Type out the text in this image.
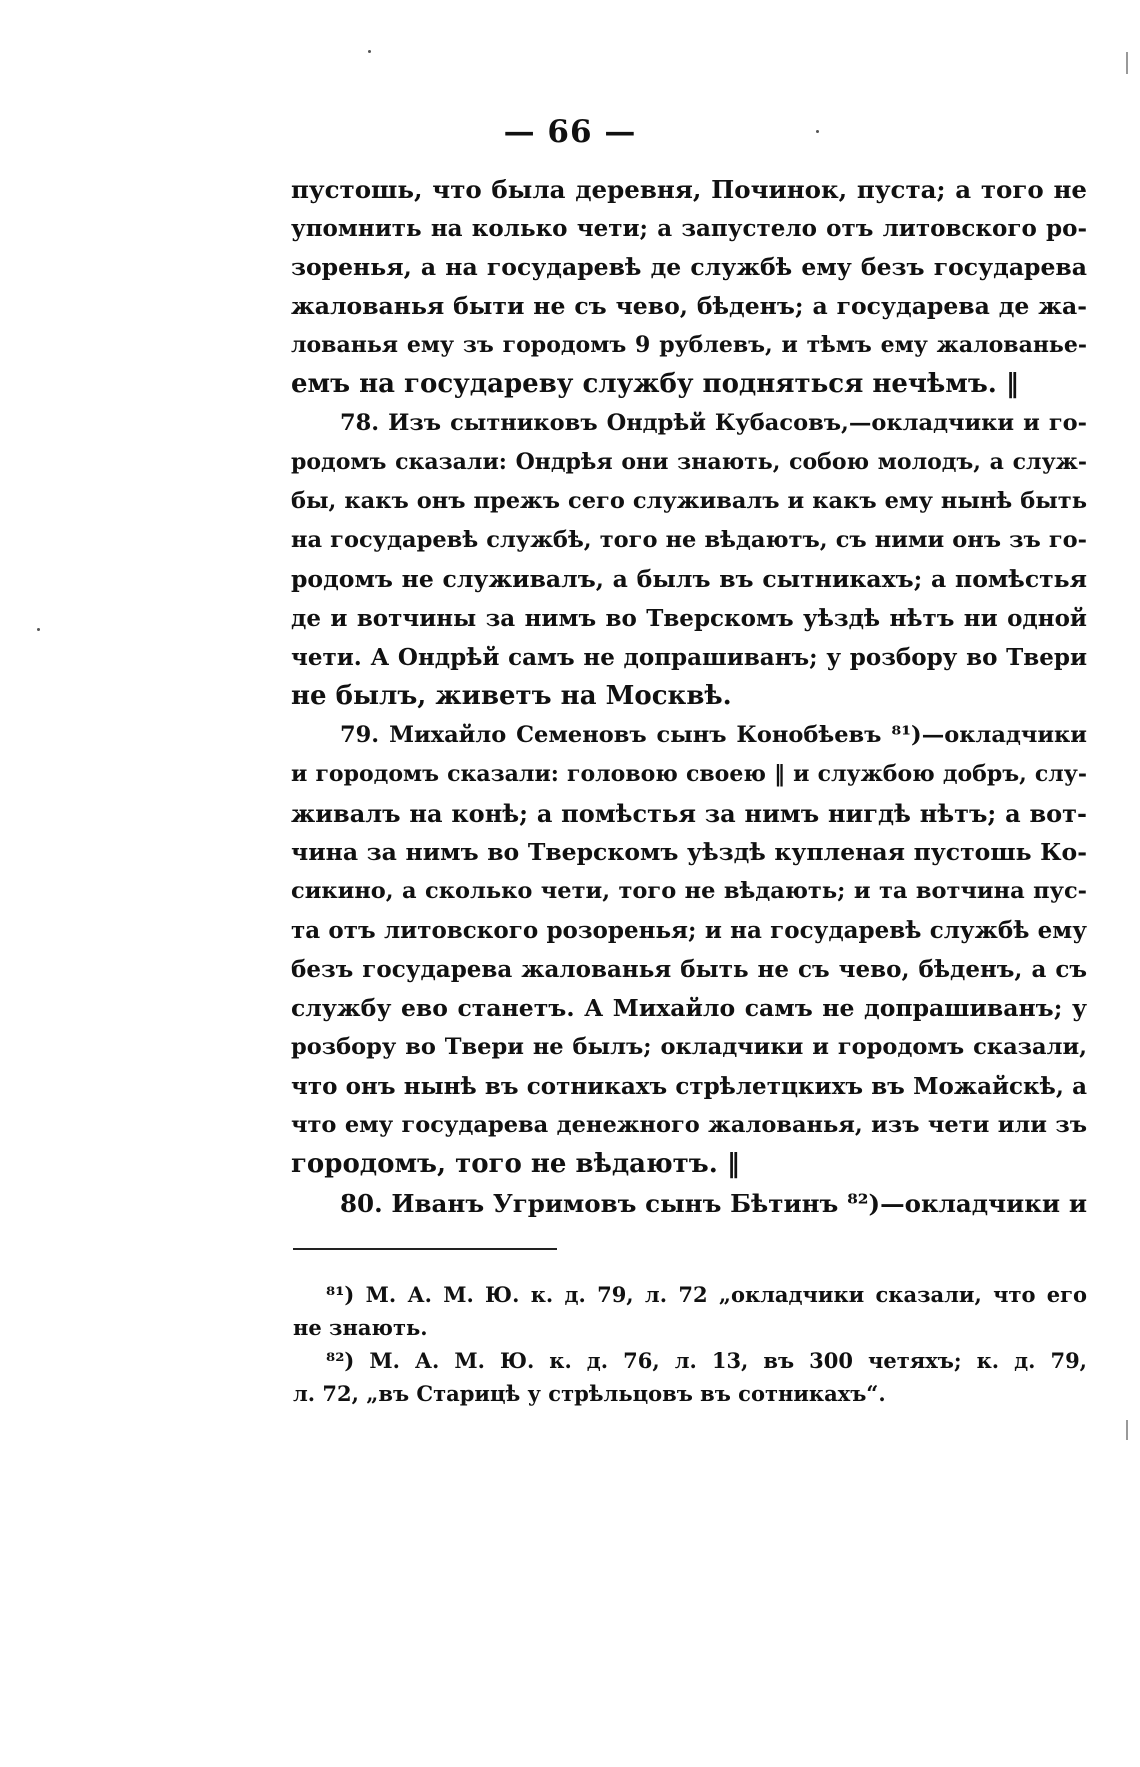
— 66 —
пустошь, что была деревня, Починок, пуста; а того не
упомнить на колько чети; а запустело отъ литовского ро-
зоренья, а на государевѣ де службѣ ему безъ государева
жалованья быти не съ чево, бѣденъ; а государева де жа-
лованья ему зъ городомъ 9 рублевъ, и тѣмъ ему жалованье-
емъ на государеву службу подняться нечѣмъ. ‖
78. Изъ сытниковъ Ондрѣй Кубасовъ,—окладчики и го-
родомъ сказали: Ондрѣя они знають, собою молодъ, а служ-
бы, какъ онъ прежъ сего служивалъ и какъ ему нынѣ быть
на государевѣ службѣ, того не вѣдаютъ, съ ними онъ зъ го-
родомъ не служивалъ, а былъ въ сытникахъ; а помѣстья
де и вотчины за нимъ во Тверскомъ уѣздѣ нѣтъ ни одной
чети. А Ондрѣй самъ не допрашиванъ; у розбору во Твери
не былъ, живетъ на Москвѣ.
79. Михайло Семеновъ сынъ Конобѣевъ ⁸¹)—окладчики
и городомъ сказали: головою своею ‖ и службою добръ, слу-
живалъ на конѣ; а помѣстья за нимъ нигдѣ нѣтъ; а вот-
чина за нимъ во Тверскомъ уѣздѣ купленая пустошь Ко-
сикино, а сколько чети, того не вѣдають; и та вотчина пус-
та отъ литовского розоренья; и на государевѣ службѣ ему
безъ государева жалованья быть не съ чево, бѣденъ, а съ
службу ево станетъ. А Михайло самъ не допрашиванъ; у
розбору во Твери не былъ; окладчики и городомъ сказали,
что онъ нынѣ въ сотникахъ стрѣлетцкихъ въ Можайскѣ, а
что ему государева денежного жалованья, изъ чети или зъ
городомъ, того не вѣдаютъ. ‖
80. Иванъ Угримовъ сынъ Бѣтинъ ⁸²)—окладчики и
⁸¹) М. А. М. Ю. к. д. 79, л. 72 „окладчики сказали, что его
не знають.
⁸²) М. А. М. Ю. к. д. 76, л. 13, въ 300 четяхъ; к. д. 79,
л. 72, „въ Старицѣ у стрѣльцовъ въ сотникахъ“.
